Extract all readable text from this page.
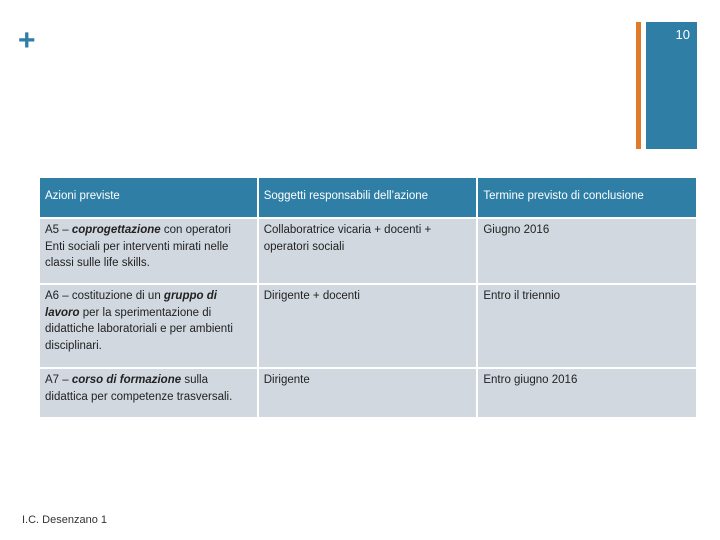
+	10
Azioni previste	Soggetti responsabili dell’azione	Termine previsto di conclusione
A5 – coprogettazione con operatori Enti sociali per interventi mirati nelle classi sulle life skills.	Collaboratrice vicaria + docenti + operatori sociali	Giugno 2016
A6 – costituzione di un gruppo di lavoro per la sperimentazione di didattiche laboratoriali e per ambienti disciplinari.	Dirigente + docenti	Entro il triennio
A7 – corso di formazione sulla didattica per competenze trasversali.	Dirigente	Entro giugno 2016
I.C. Desenzano 1
